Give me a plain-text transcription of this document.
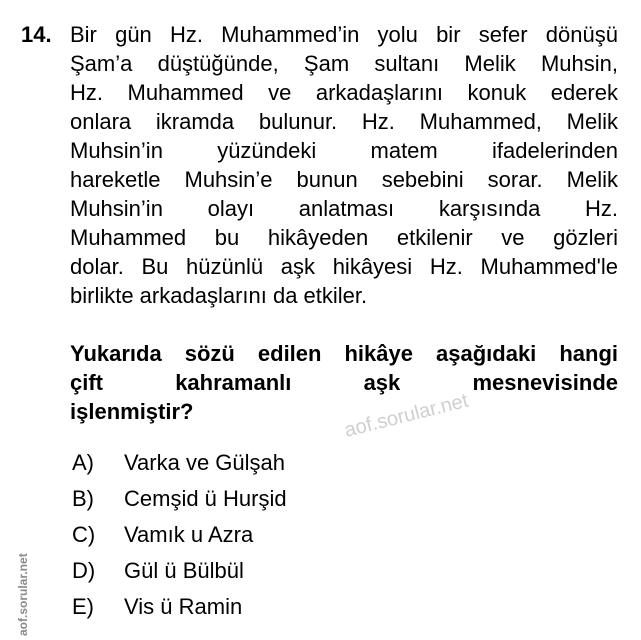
14. Bir gün Hz. Muhammed’in yolu bir sefer dönüşü
Şam’a düştüğünde, Şam sultanı Melik Muhsin,
Hz. Muhammed ve arkadaşlarını konuk ederek
onlara ikramda bulunur. Hz. Muhammed, Melik
Muhsin’in yüzündeki matem ifadelerinden
hareketle Muhsin’e bunun sebebini sorar. Melik
Muhsin’in olayı anlatması karşısında Hz.
Muhammed bu hikâyeden etkilenir ve gözleri
dolar. Bu hüzünlü aşk hikâyesi Hz. Muhammed'le
birlikte arkadaşlarını da etkiler.
Yukarıda sözü edilen hikâye aşağıdaki hangi
çift kahramanlı aşk mesnevisinde
işlenmiştir?
A)	Varka ve Gülşah
B)	Cemşid ü Hurşid
C)	Vamık u Azra
D)	Gül ü Bülbül
E)	Vis ü Ramin
aof.sorular.net
aof.sorular.net
